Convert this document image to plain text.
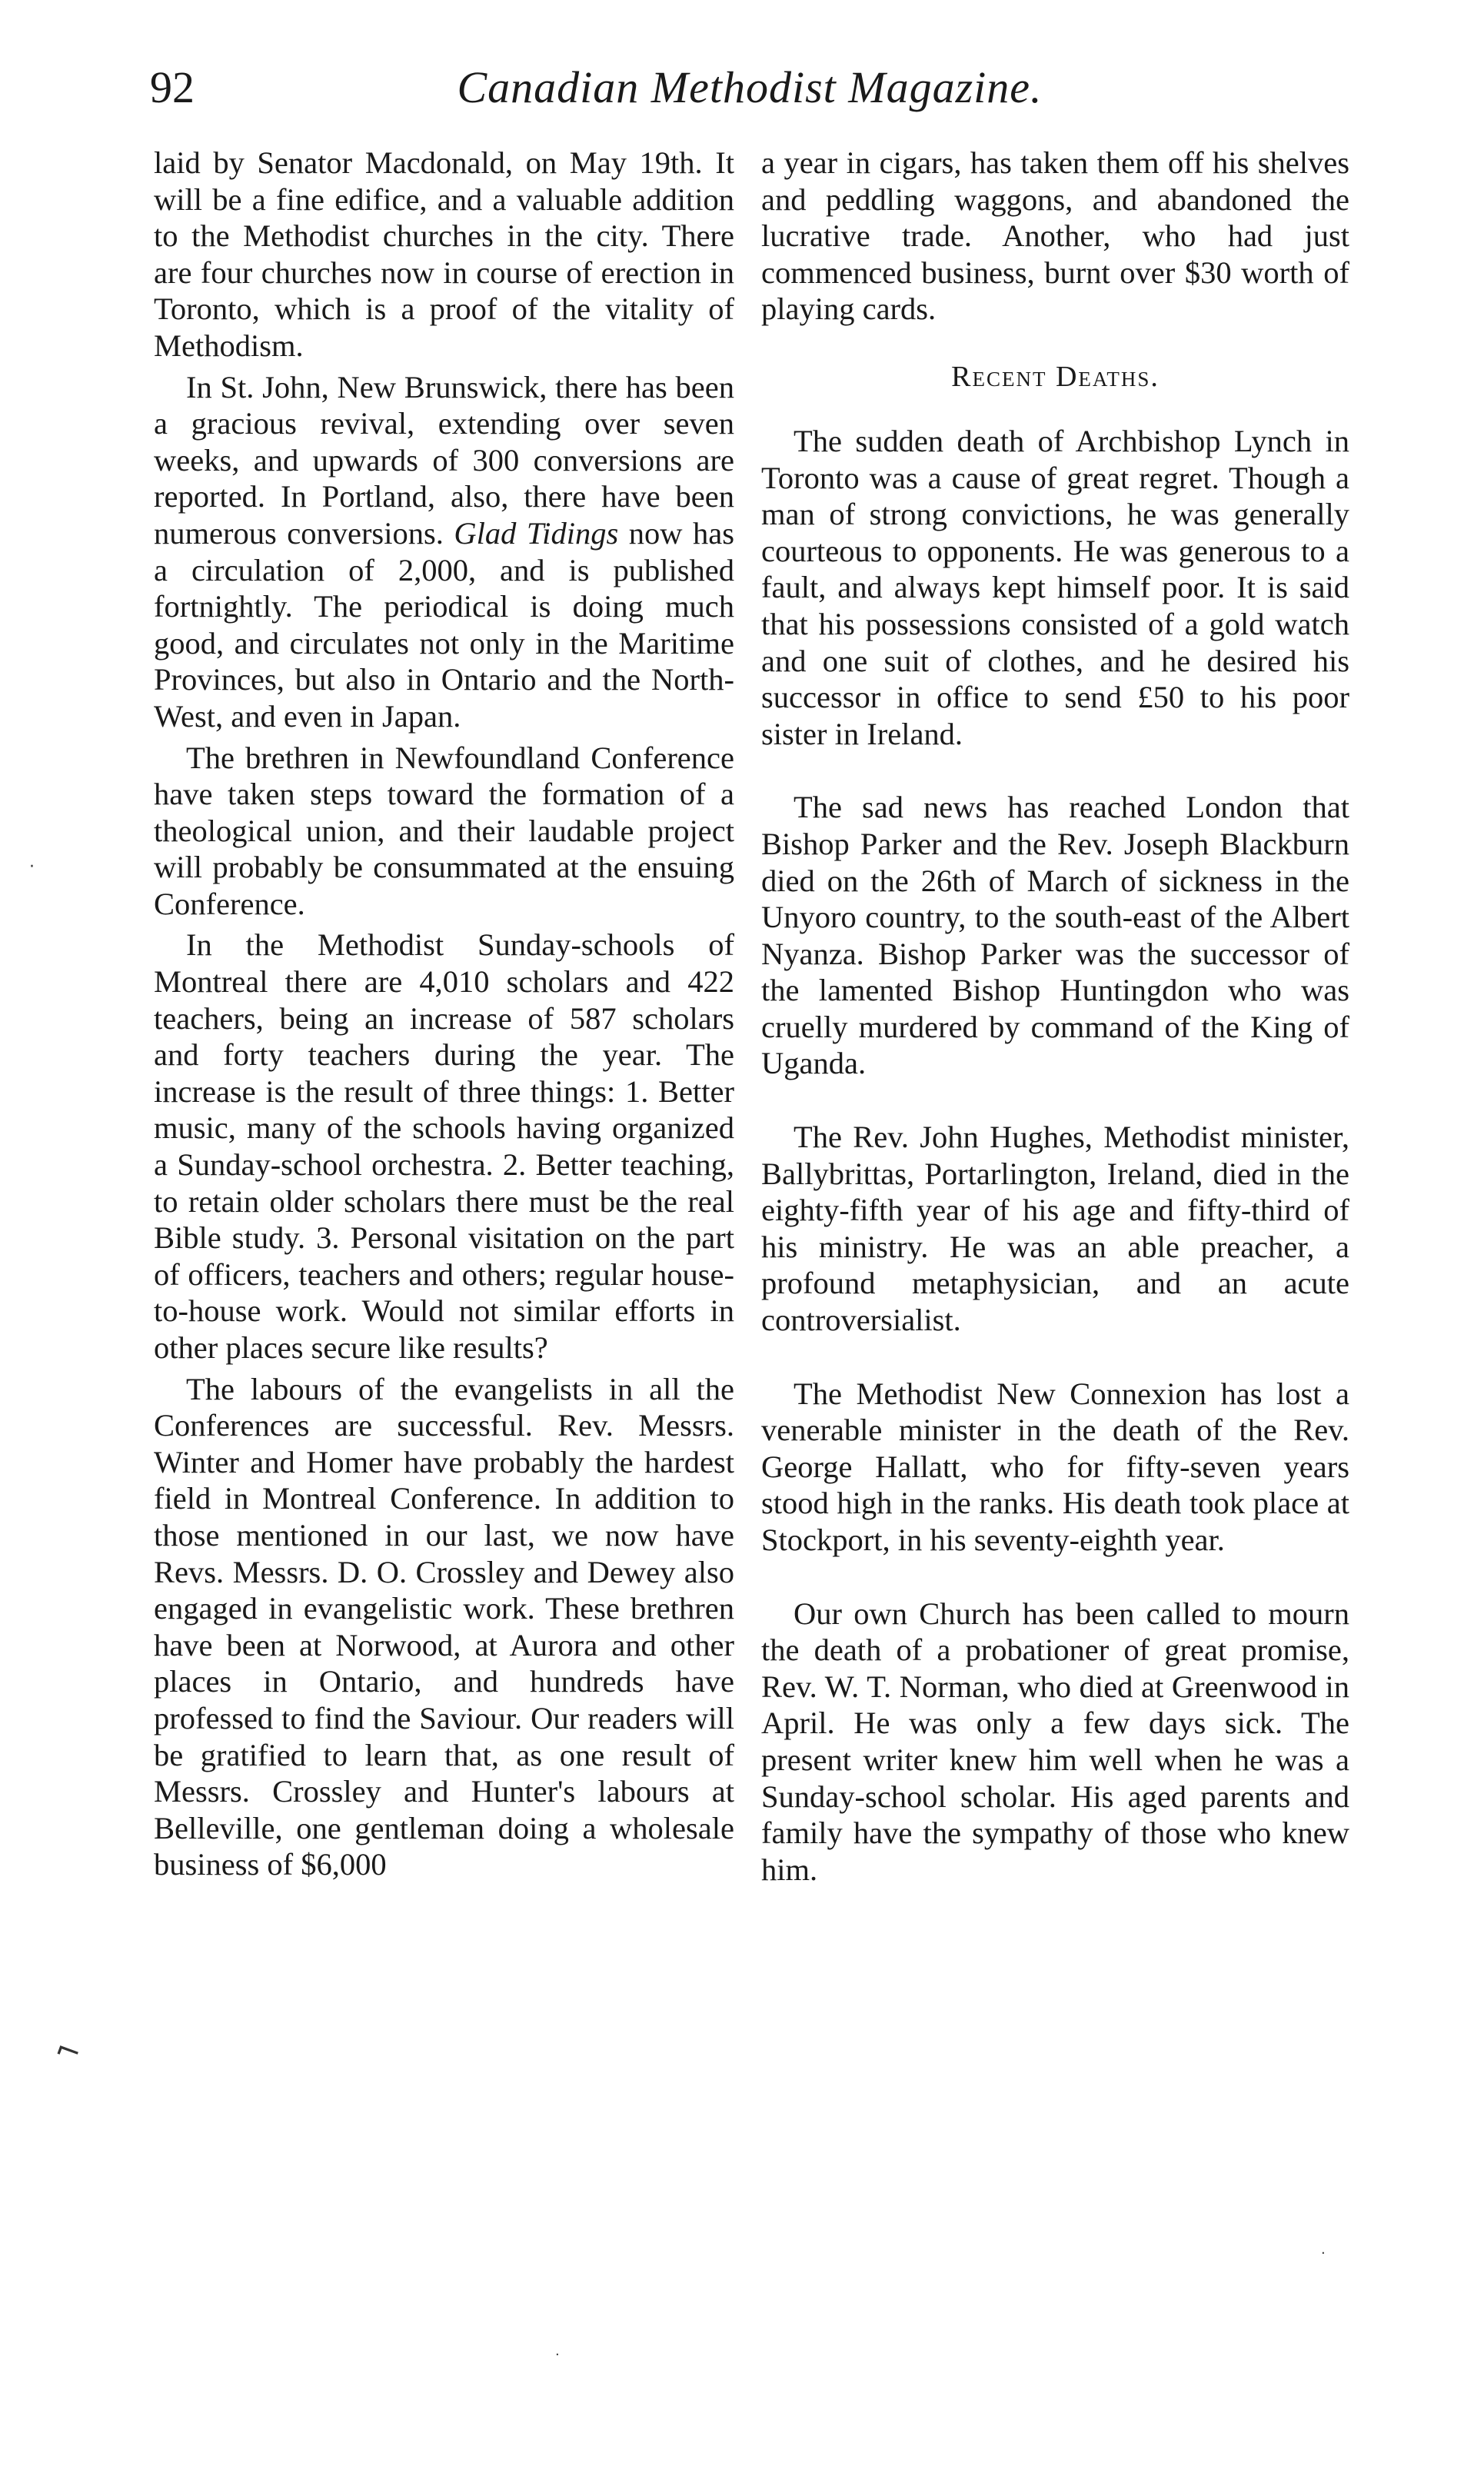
92	Canadian Methodist Magazine.

laid by Senator Macdonald, on May 19th. It will be a fine edifice, and a valuable addition to the Methodist churches in the city. There are four churches now in course of erection in Toronto, which is a proof of the vitality of Methodism.

In St. John, New Brunswick, there has been a gracious revival, extending over seven weeks, and upwards of 300 conversions are reported. In Portland, also, there have been numerous conversions. Glad Tidings now has a circulation of 2,000, and is published fortnightly. The periodical is doing much good, and circulates not only in the Maritime Provinces, but also in Ontario and the North-West, and even in Japan.

The brethren in Newfoundland Conference have taken steps toward the formation of a theological union, and their laudable project will probably be consummated at the ensuing Conference.

In the Methodist Sunday-schools of Montreal there are 4,010 scholars and 422 teachers, being an increase of 587 scholars and forty teachers during the year. The increase is the result of three things: 1. Better music, many of the schools having organized a Sunday-school orchestra. 2. Better teaching, to retain older scholars there must be the real Bible study. 3. Personal visitation on the part of officers, teachers and others; regular house-to-house work. Would not similar efforts in other places secure like results?

The labours of the evangelists in all the Conferences are successful. Rev. Messrs. Winter and Homer have probably the hardest field in Montreal Conference. In addition to those mentioned in our last, we now have Revs. Messrs. D. O. Crossley and Dewey also engaged in evangelistic work. These brethren have been at Norwood, at Aurora and other places in Ontario, and hundreds have professed to find the Saviour. Our readers will be gratified to learn that, as one result of Messrs. Crossley and Hunter's labours at Belleville, one gentleman doing a wholesale business of $6,000

a year in cigars, has taken them off his shelves and peddling waggons, and abandoned the lucrative trade. Another, who had just commenced business, burnt over $30 worth of playing cards.

Recent Deaths.

The sudden death of Archbishop Lynch in Toronto was a cause of great regret. Though a man of strong convictions, he was generally courteous to opponents. He was generous to a fault, and always kept himself poor. It is said that his possessions consisted of a gold watch and one suit of clothes, and he desired his successor in office to send £50 to his poor sister in Ireland.

The sad news has reached London that Bishop Parker and the Rev. Joseph Blackburn died on the 26th of March of sickness in the Unyoro country, to the south-east of the Albert Nyanza. Bishop Parker was the successor of the lamented Bishop Huntingdon who was cruelly murdered by command of the King of Uganda.

The Rev. John Hughes, Methodist minister, Ballybrittas, Portarlington, Ireland, died in the eighty-fifth year of his age and fifty-third of his ministry. He was an able preacher, a profound metaphysician, and an acute controversialist.

The Methodist New Connexion has lost a venerable minister in the death of the Rev. George Hallatt, who for fifty-seven years stood high in the ranks. His death took place at Stockport, in his seventy-eighth year.

Our own Church has been called to mourn the death of a probationer of great promise, Rev. W. T. Norman, who died at Greenwood in April. He was only a few days sick. The present writer knew him well when he was a Sunday-school scholar. His aged parents and family have the sympathy of those who knew him.

·
⌐
·
·
